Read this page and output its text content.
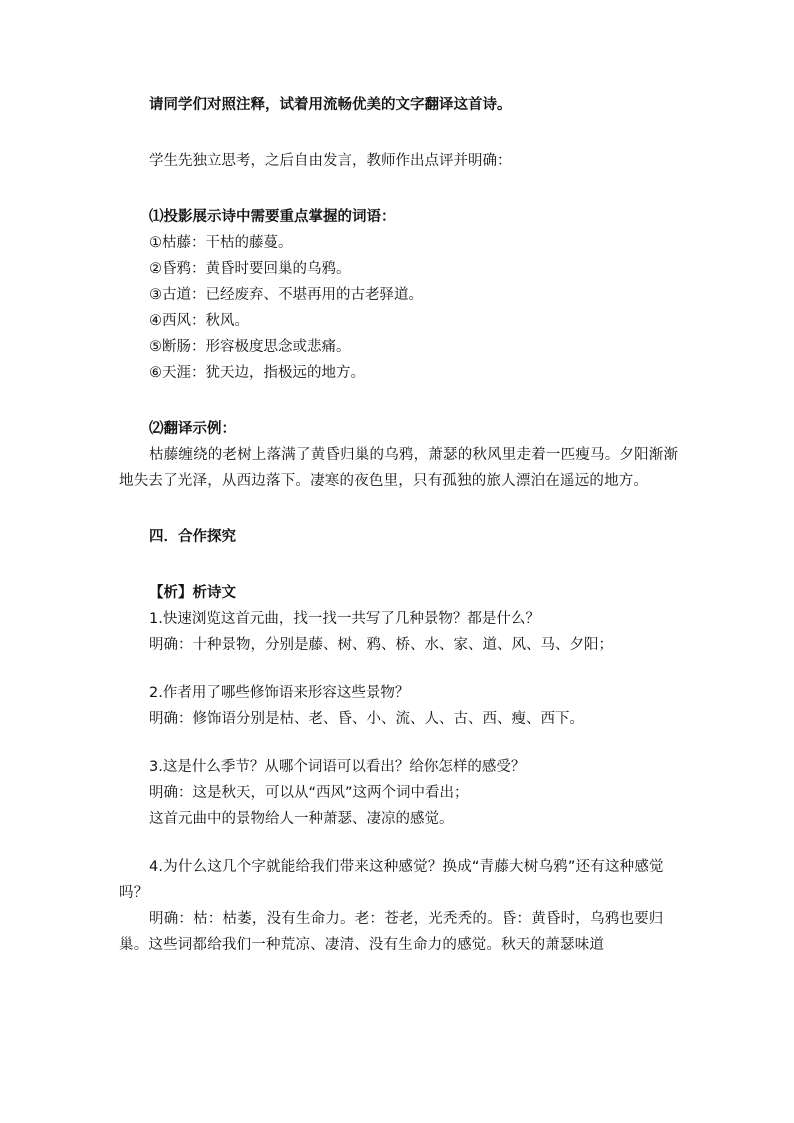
请同学们对照注释，试着用流畅优美的文字翻译这首诗。
学生先独立思考，之后自由发言，教师作出点评并明确：
⑴投影展示诗中需要重点掌握的词语：
①枯藤：干枯的藤蔓。
②昏鸦：黄昏时要回巢的乌鸦。
③古道：已经废弃、不堪再用的古老驿道。
④西风：秋风。
⑤断肠：形容极度思念或悲痛。
⑥天涯：犹天边，指极远的地方。
⑵翻译示例：

枯藤缠绕的老树上落满了黄昏归巢的乌鸦，萧瑟的秋风里走着一匹瘦马。夕阳渐渐地失去了光泽，从西边落下。凄寒的夜色里，只有孤独的旅人漂泊在遥远的地方。

四．合作探究
【析】析诗文
1.快速浏览这首元曲，找一找一共写了几种景物？都是什么？
明确：十种景物，分别是藤、树、鸦、桥、水、家、道、风、马、夕阳；
2.作者用了哪些修饰语来形容这些景物？
明确：修饰语分别是枯、老、昏、小、流、人、古、西、瘦、西下。
3.这是什么季节？从哪个词语可以看出？给你怎样的感受？
明确：这是秋天，可以从“西风”这两个词中看出；
这首元曲中的景物给人一种萧瑟、凄凉的感觉。

4.为什么这几个字就能给我们带来这种感觉？换成“青藤大树乌鸦”还有这种感觉吗？

明确：枯：枯萎，没有生命力。老：苍老，光秃秃的。昏：黄昏时，乌鸦也要归巢。这些词都给我们一种荒凉、凄清、没有生命力的感觉。秋天的萧瑟味道
